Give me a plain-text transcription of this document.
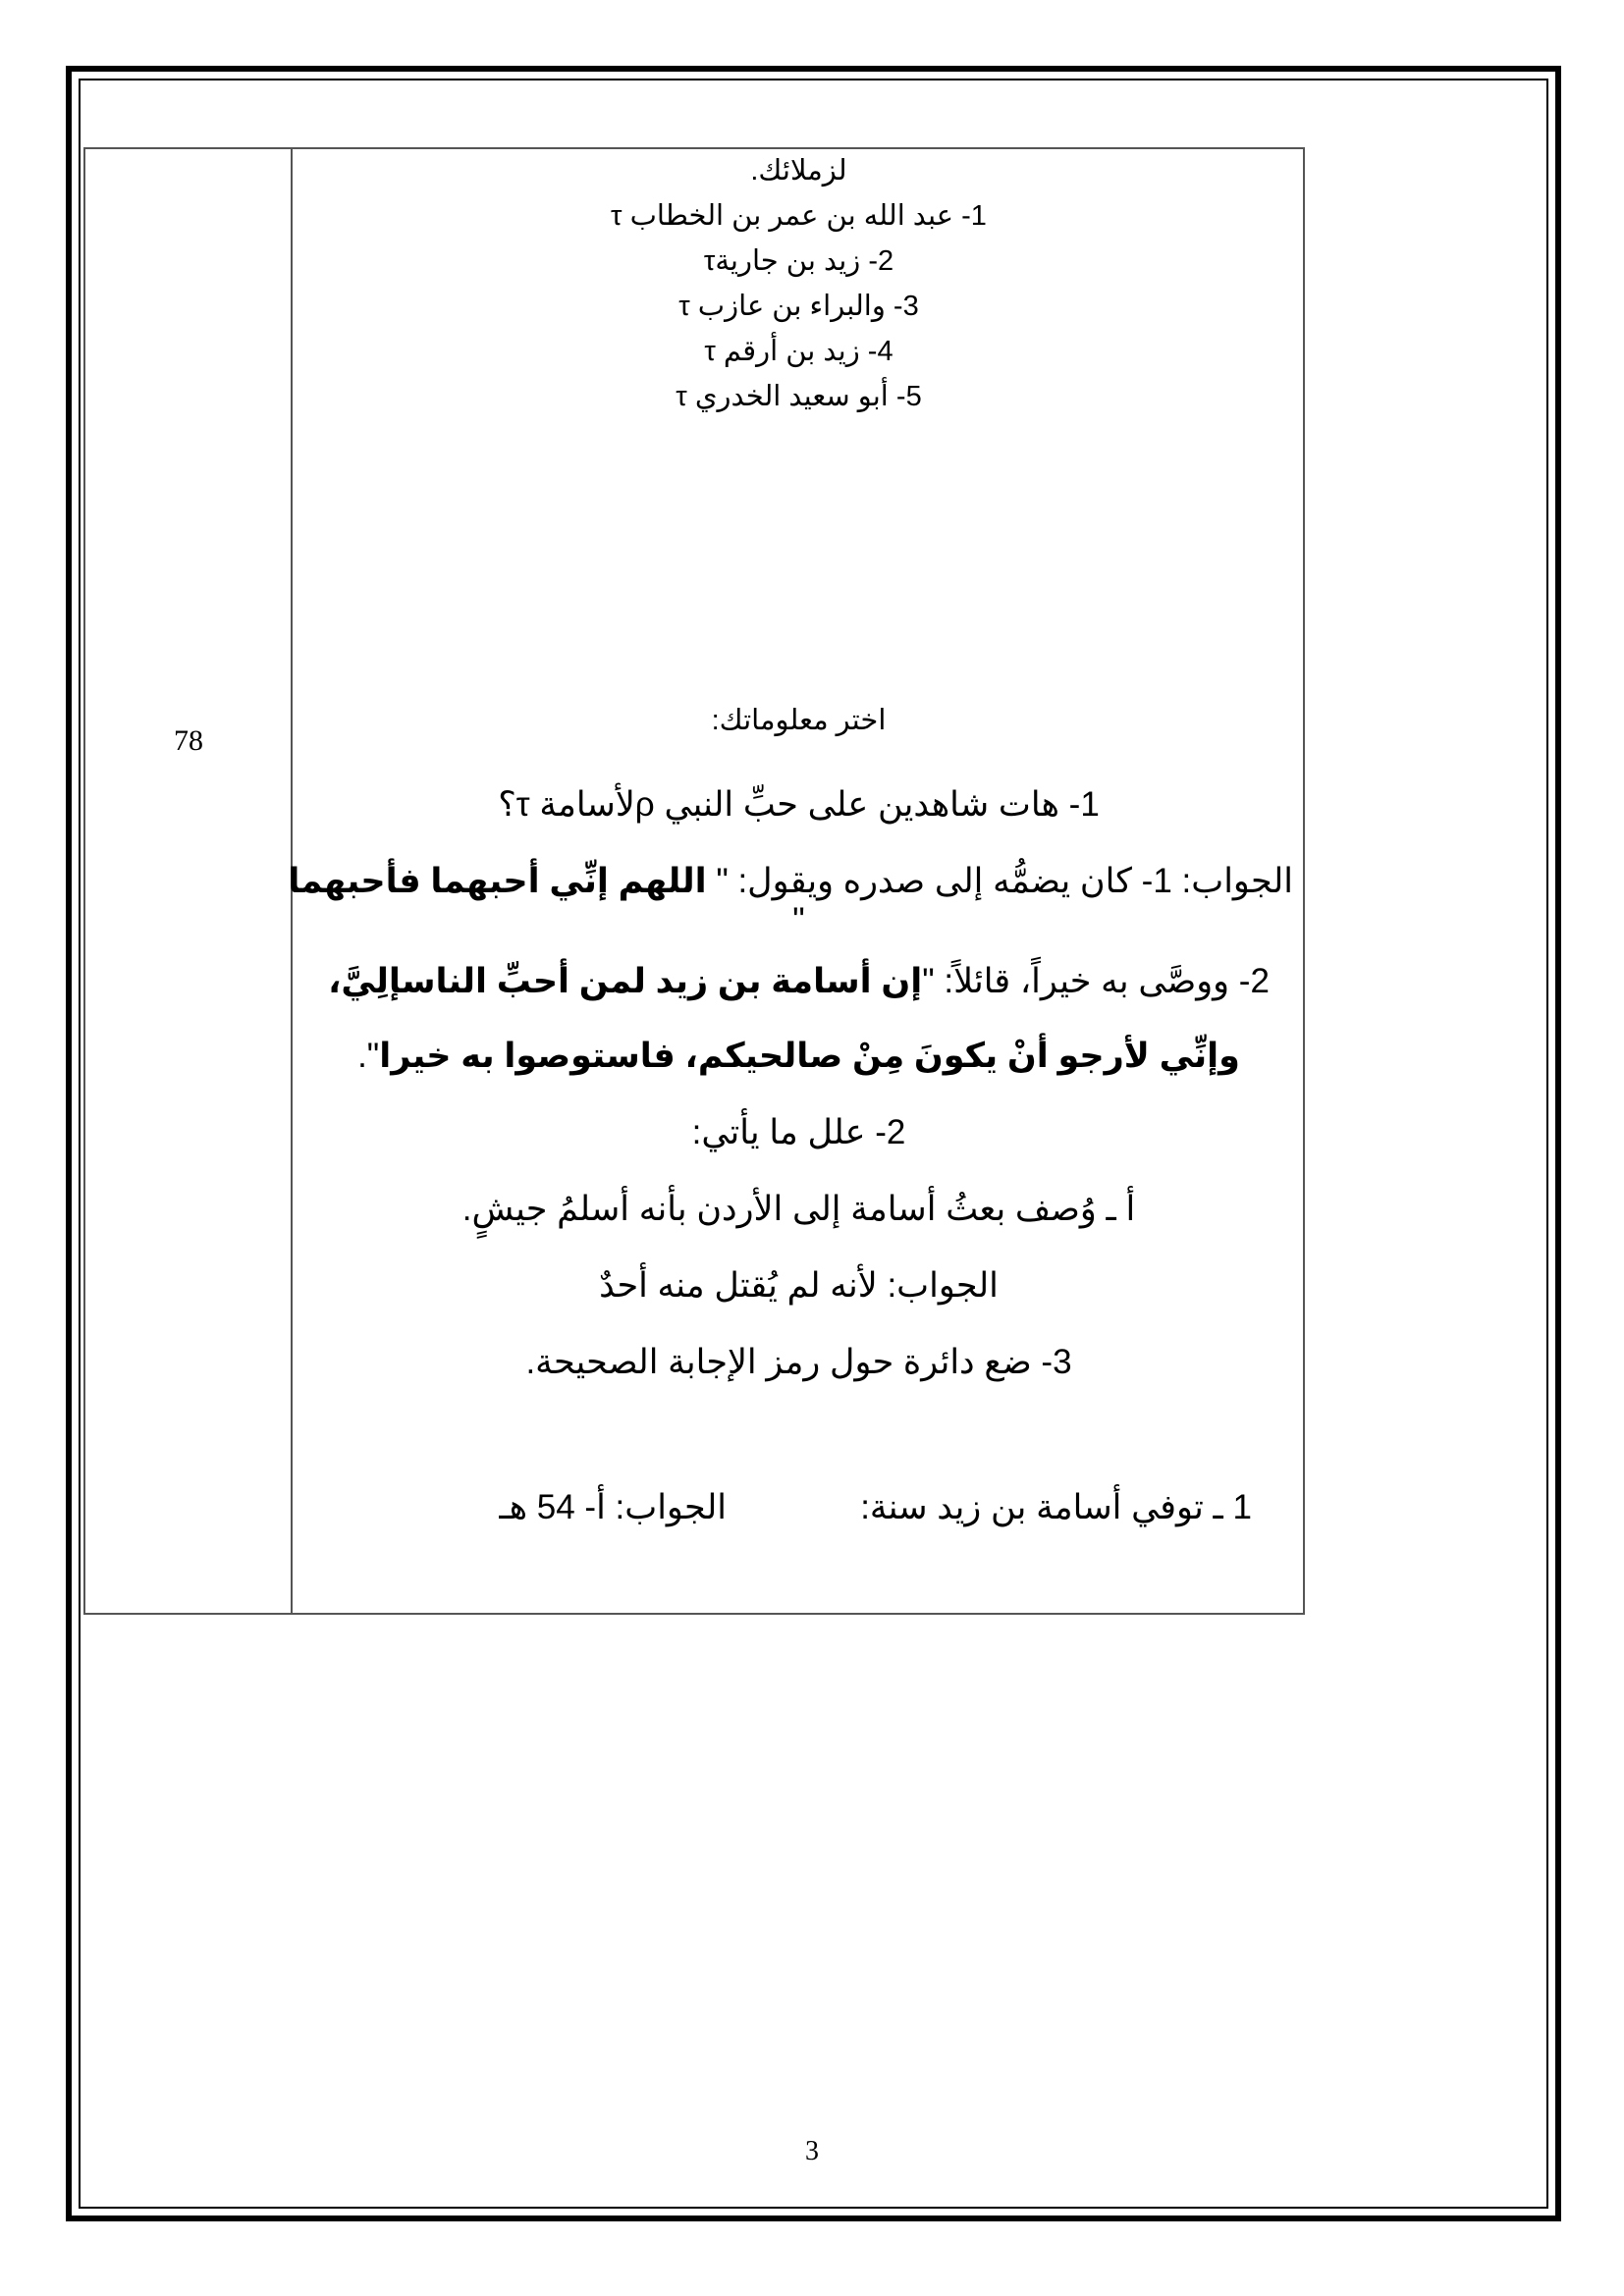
78
لزملائك.
1- عبد الله بن عمر بن الخطاب τ
2- زيد بن جاريةτ
3- والبراء بن عازب τ
4- زيد بن أرقم τ
5- أبو سعيد الخدري τ
اختر معلوماتك:
1- هات شاهدين على حبِّ النبي ρلأسامة τ؟
الجواب: 1- كان يضمُّه إلى صدره ويقول: " اللهم إنِّي أحبهما فأحبهما
"
2- ووصَّى به خيراً، قائلاً: "إن أسامة بن زيد لمن أحبِّ الناسإلِيَّ،
وإنِّي لأرجو أنْ يكونَ مِنْ صالحيكم، فاستوصوا به خيرا".
2- علل ما يأتي:
أ ـ وُصف بعثُ أسامة إلى الأردن بأنه أسلمُ جيشٍ.
الجواب: لأنه لم يُقتل منه أحدٌ
3- ضع دائرة حول رمز الإجابة الصحيحة.
1 ـ توفي أسامة بن زيد سنة:
الجواب: أ- 54 هـ
3
